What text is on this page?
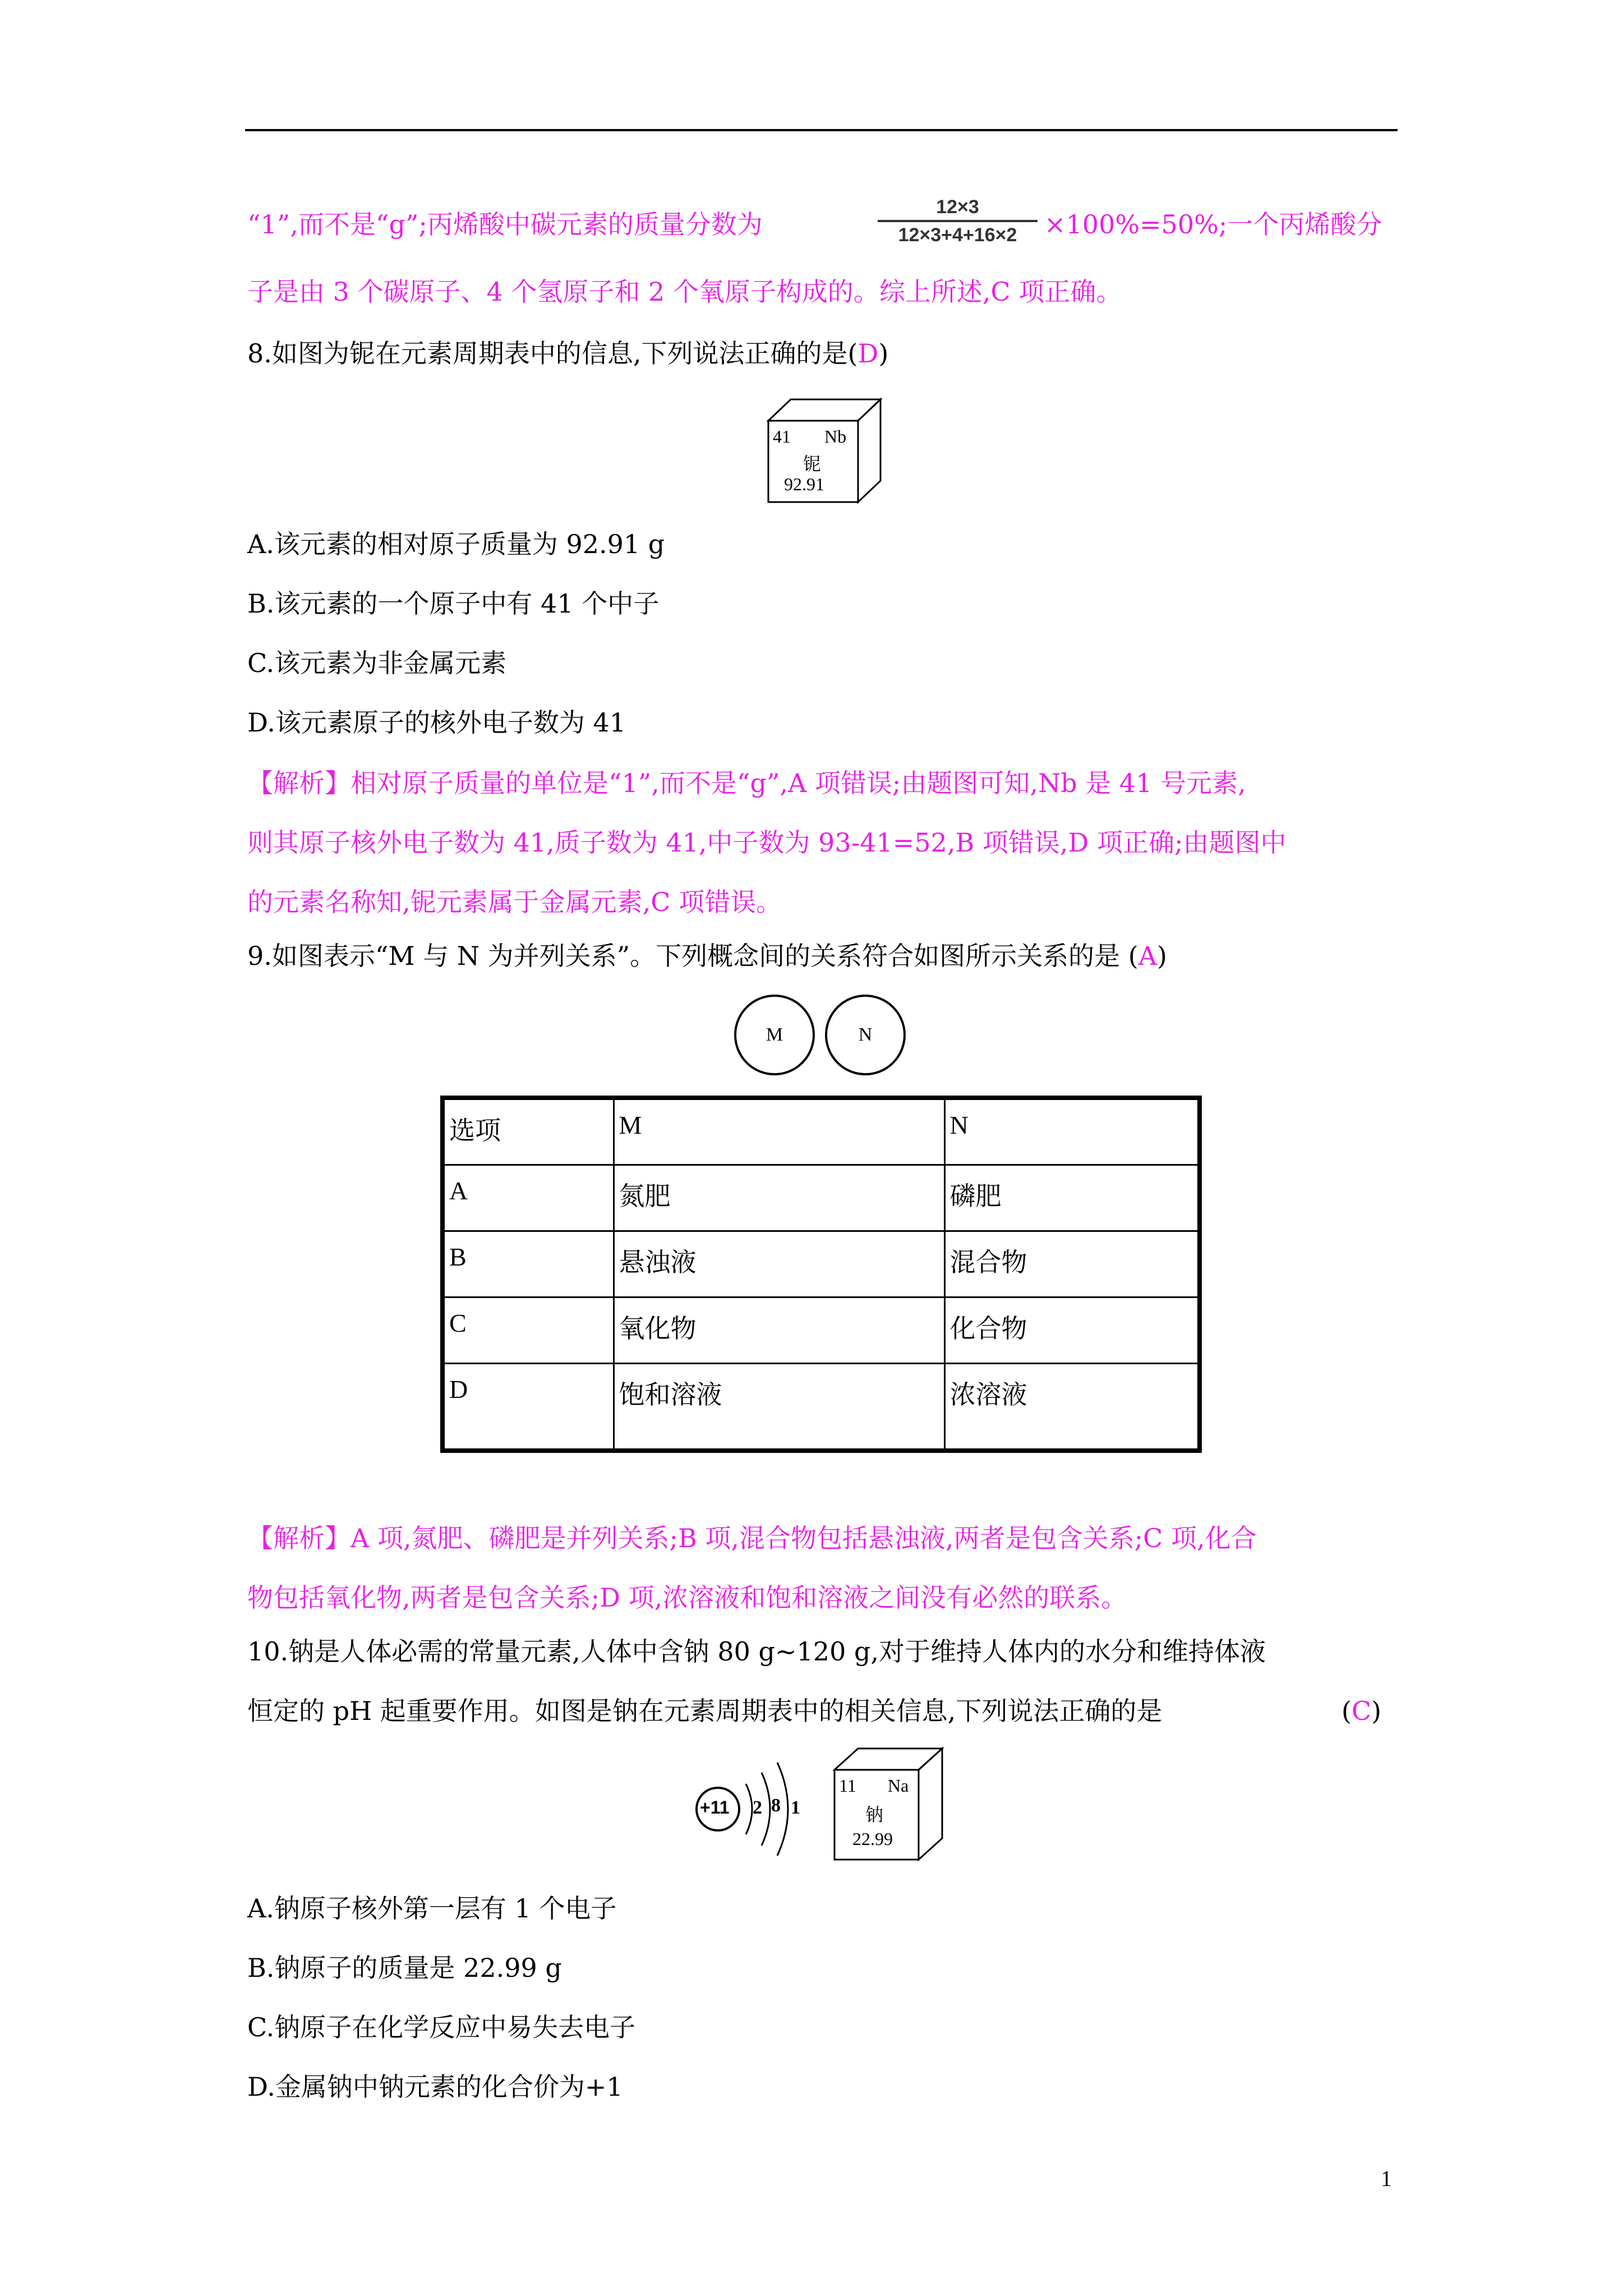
“1”,而不是“g”;丙烯酸中碳元素的质量分数为
12×3
12×3+4+16×2	×100%=50%;一个丙烯酸分
子是由 3 个碳原子、4 个氢原子和 2 个氧原子构成的。综上所述,C 项正确。
8.如图为铌在元素周期表中的信息,下列说法正确的是(D)
41 Nb
铌
92.91
A.该元素的相对原子质量为 92.91 g
B.该元素的一个原子中有 41 个中子
C.该元素为非金属元素
D.该元素原子的核外电子数为 41
【解析】相对原子质量的单位是“1”,而不是“g”,A 项错误;由题图可知,Nb 是 41 号元素,
则其原子核外电子数为 41,质子数为 41,中子数为 93-41=52,B 项错误,D 项正确;由题图中
的元素名称知,铌元素属于金属元素,C 项错误。
9.如图表示“M 与 N 为并列关系”。下列概念间的关系符合如图所示关系的是 (A)
M	N
选项	M	N
A	氮肥	磷肥
B	悬浊液	混合物
C	氧化物	化合物
D	饱和溶液	浓溶液
【解析】A 项,氮肥、磷肥是并列关系;B 项,混合物包括悬浊液,两者是包含关系;C 项,化合
物包括氧化物,两者是包含关系;D 项,浓溶液和饱和溶液之间没有必然的联系。
10.钠是人体必需的常量元素,人体中含钠 80 g~120 g,对于维持人体内的水分和维持体液
恒定的 pH 起重要作用。如图是钠在元素周期表中的相关信息,下列说法正确的是	(C)
+11 2 8 1
11 Na
钠
22.99
A.钠原子核外第一层有 1 个电子
B.钠原子的质量是 22.99 g
C.钠原子在化学反应中易失去电子
D.金属钠中钠元素的化合价为+1
1
